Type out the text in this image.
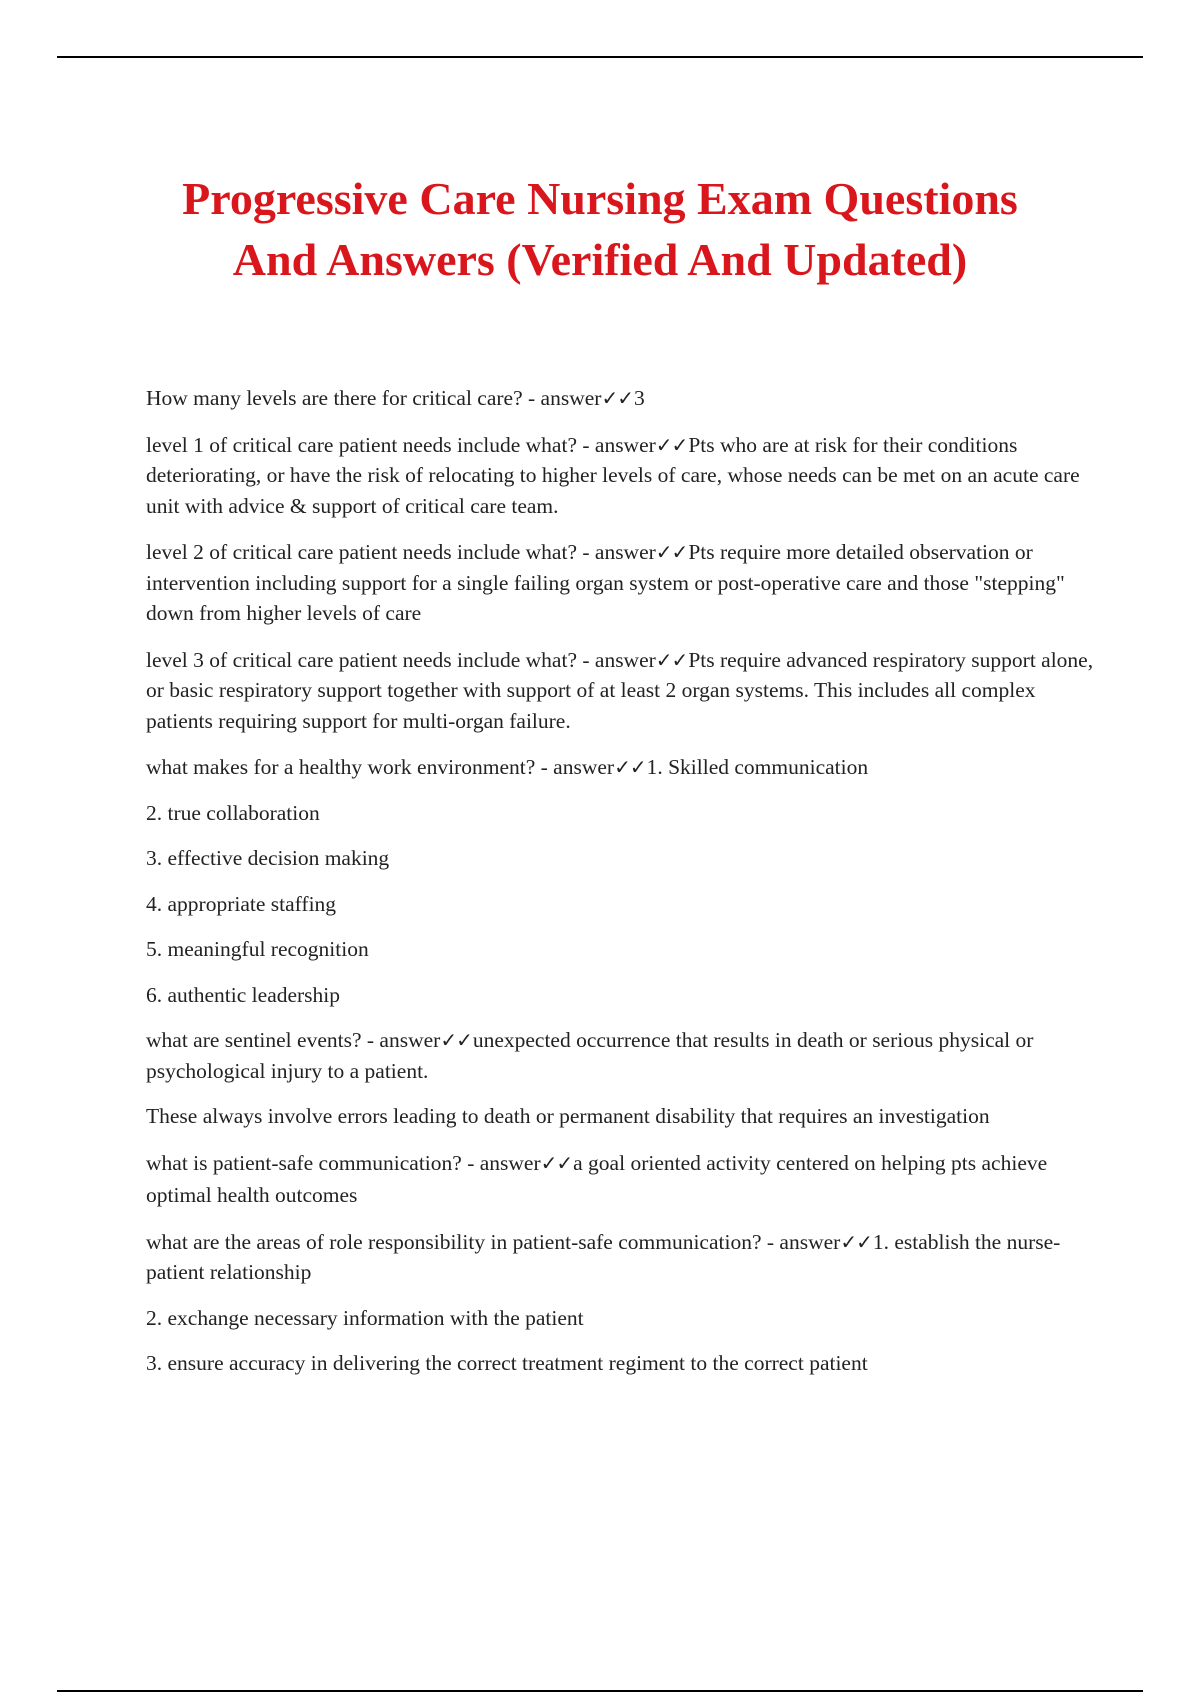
Progressive Care Nursing Exam Questions
And Answers (Verified And Updated)

How many levels are there for critical care? - answer✓✓3

level 1 of critical care patient needs include what? - answer✓✓Pts who are at risk for their conditions deteriorating, or have the risk of relocating to higher levels of care, whose needs can be met on an acute care unit with advice & support of critical care team.

level 2 of critical care patient needs include what? - answer✓✓Pts require more detailed observation or intervention including support for a single failing organ system or post-operative care and those "stepping" down from higher levels of care

level 3 of critical care patient needs include what? - answer✓✓Pts require advanced respiratory support alone, or basic respiratory support together with support of at least 2 organ systems. This includes all complex patients requiring support for multi-organ failure.

what makes for a healthy work environment? - answer✓✓1. Skilled communication

2. true collaboration

3. effective decision making

4. appropriate staffing

5. meaningful recognition

6. authentic leadership

what are sentinel events? - answer✓✓unexpected occurrence that results in death or serious physical or psychological injury to a patient.

These always involve errors leading to death or permanent disability that requires an investigation

what is patient-safe communication? - answer✓✓a goal oriented activity centered on helping pts achieve optimal health outcomes

what are the areas of role responsibility in patient-safe communication? - answer✓✓1. establish the nurse-patient relationship

2. exchange necessary information with the patient

3. ensure accuracy in delivering the correct treatment regiment to the correct patient
